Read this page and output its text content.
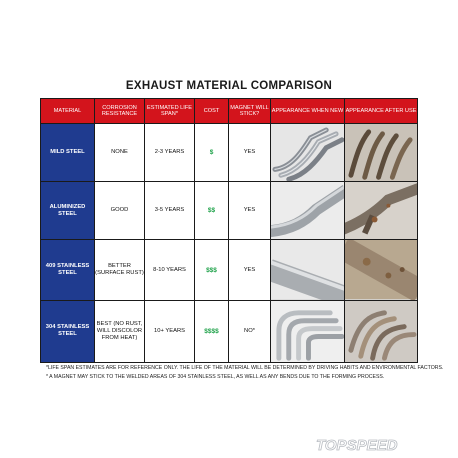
EXHAUST MATERIAL COMPARISON
MATERIAL	CORROSION RESISTANCE	ESTIMATED LIFE SPAN*	COST	MAGNET WILL STICK?	APPEARANCE WHEN NEW	APPEARANCE AFTER USE
MILD STEEL	NONE	2-3 YEARS	$	YES	

ALUMINIZED STEEL	GOOD	3-5 YEARS	$$	YES	

409 STAINLESS STEEL	BETTER (SURFACE RUST)	8-10 YEARS	$$$	YES	

304 STAINLESS STEEL	BEST (NO RUST, WILL DISCOLOR FROM HEAT)	10+ YEARS	$$$$	NO*	

*LIFE SPAN ESTIMATES ARE FOR REFERENCE ONLY. THE LIFE OF THE MATERIAL WILL BE DETERMINED BY DRIVING HABITS AND ENVIRONMENTAL FACTORS.
* A MAGNET MAY STICK TO THE WELDED AREAS OF 304 STAINLESS STEEL, AS WELL AS ANY BENDS DUE TO THE FORMING PROCESS.
TOPSPEED
